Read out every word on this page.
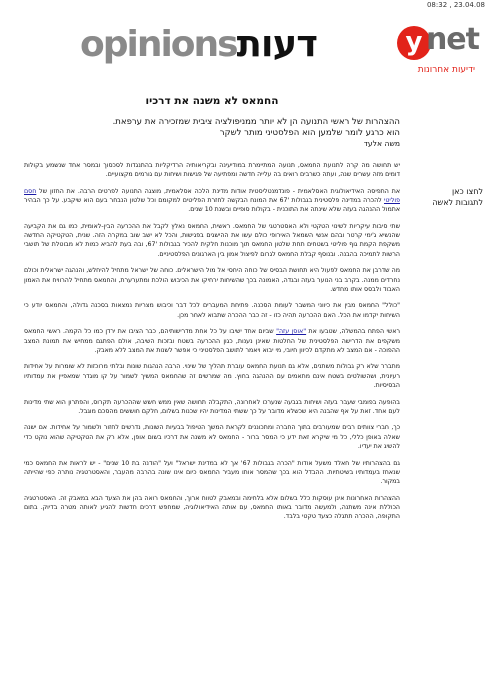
08:32 , 23.04.08
opinions דעות	y net
ידיעות אחרונות
לחצו כאן
לתגובות לאשה
החמאס לא משנה את דרכיו
ההצהרות של ראשי התנועה הן לא יותר ממניפולציה ציבית שמזכירה את ערפאת.
הוא כרגע לומר שלמען הוא הפלסטיני מותר לשקר
משה אלעד
יש תחושה מה קרה לתנועת החמאס, תנועה המתיימרת במודיעינה ובקריאותיה הרדיקליות בהתנגדות לסכסוך ובמסר אחד שנשמע בקולות דומים מזה עשרים שנה, ועתה כשרבים רואים בה עלייה חדשה ומפתיעה של פגישות ושיחות עם גורמים מקצועיים.
את התפיסה האידיאולוגית האסלאמית - פונדמנטליסטית אודות מדינת הלכה אסלאמית, מוצגה התנועה לפרטים הרבה. את החזון של חסם פוליטי להכרה במדינה פלסטינית בגבולות '67 את המונח הבקשה לחזרת הפליטים למקומם וכל שלטון הנבחר בעם הוא שיקבע. על כך הבהיר אתמול ההנהגה בעזה שלא שינתה את התוכנית - בקולות סופיים ובשנת 10 שנים.
שתי סיבות עיקריות לשינוי הטקטי ולא האסטרטגי של החמאס. ראשית, החמאס נאלץ לקבל את ההכרעה הבין-לאומית, כמו גם את הקביעה שהנשיא ג'ימי קרטר ובהם אנשי השמאל האירופי כולם עשו את ההישגים בפגישות, והכל לא ישב שוב במקרה הזה. שנית, הטקטיקה החדשה משקפת הקמת גוף פוליטי בשטחים תחת שלטון החמאס תוך מוכנות חלקית להכיר בגבולות '67, ובה בעת להביא כמות לא מבוטלת של תושבי הרשות לתמיכה בהבנה. ובנוסף קבלת החמאס לגרום לפיצול אמון בין הארגונים הפלסטיניים.
מה שדרבן את החמאס לפעול היא תחושת הבסיס של כוחה היחסי אל מול הישראלים. כוחה של ישראל מתחיל להיחלש, והנהגה ישראלית וכולם נחרדים ממנה. בקרב בני הנוער בעזה ובגדה, האמונה בכך שהשיחות ירחיקו את הכיבוש הולכת ומתערערת, והחמאס מתחיל להרוויח את האמון האבוד ולבסס אותו מחדש.
"כולל" החמאס מבין את כיווני המשבר לעומת הסכנה. פתיחת המעברים לכל דבר וכיבוש מצריות נמצאות בסכנה גדולה, והחמאס יודע כי השיחות יקדמו את הכל. האם ההכרעה תהיה כזו - זה כבר ההכרה שתבוא לאחר מכן.
ראשי הפתח בהמשלה, שטבעו את "אוסן עזה" שביום אחד ישיבו על כל אחת מדרישותיהם, כבר הציבו את ירדן כמו כל הקמה. ראשי החמאס משקפים את הדרישה הפלסטינית של החלטות שאינן נענות, כגון ההכרעה בשטח ובזכות השיבה, אולם הפתגם ממחיש את תמונת המצב ההפוכה - אם המצב לא מתקדם לכיוון חיובי, מי יבוא ויאמר לתושב הפלסטיני כי אפשר לשנות את המצב ללא מאבק.
מתברר שלא רק גבולות משתנים, אלא גם תנועת החמאס עוברת תהליך של שינוי. הרבה הנהגות שונות ובלתי מרוכזות לא שומרות על אחידות רעיונית, ושהשולטים בשטח אינם מתאמים עם ההנהגה בחוץ. מה שמרשים זה שהחמאס המשיך לשמור על קו מוגדר שמאפיין את עמדותיו הבסיסיות.
בהופעה בפומבי שעבר בעזה ושיחות בגבעה שנערכו לאחרונה, התקבלה תחושה שאין ממש חשש שההכרעה תקרוס, והפתרון הוא שתי מדינות לעם אחד. זאת על אף שהבנה היא שכשלא מדובר על כך ששתי המדינות יהיו שכנות בשלום, חלקם חוששים מהסכם מוגבל.
כך, חברי צוותים רבים שמעורבים בתוך החברה ומתכוננים לקראת המשך הטיפול בבעיות השונות, נדרשים לחזור ולשמור על אחידות. אם ישנה שאלה באופן כללי, כל מי שיקרא זאת ידע כי המסר ברור - החמאס לא משנה את דרכיו בשום אופן, אלא רק את הטקטיקה שהוא נוקט כדי להשיג את יעדיו.
גם בהצהרותיו של חאלד משעל אודות "הכרה בגבולות 67' אך לא במדינת ישראל" ועל "הודנה בת 10 שנים" - יש לראות את החמאס כמי שנאחז בעמדותיו בשיטתיות. ההבדל הוא בכך שהמסר אותו מעביר החמאס כיום אינו שונה בהרבה מהעבר, והאסטרטגיה נותרה כפי שהייתה במקור.
ההצהרות האחרונות אינן עוסקות כלל בשלום אלא בלחימה ובמאבק לטווח ארוך, והחמאס רואה בהן את הצעד הבא במאבק זה. האסטרטגיה הכוללת אינה משתנה, ולמעשה מדובר באותו החמאס, עם אותה האידיאולוגיה, שמחפש דרכים חדשות להגיע לאותה מטרה בדיוק. בתום התקופה, ההכרה תתגלה כצעד טקטי בלבד.
